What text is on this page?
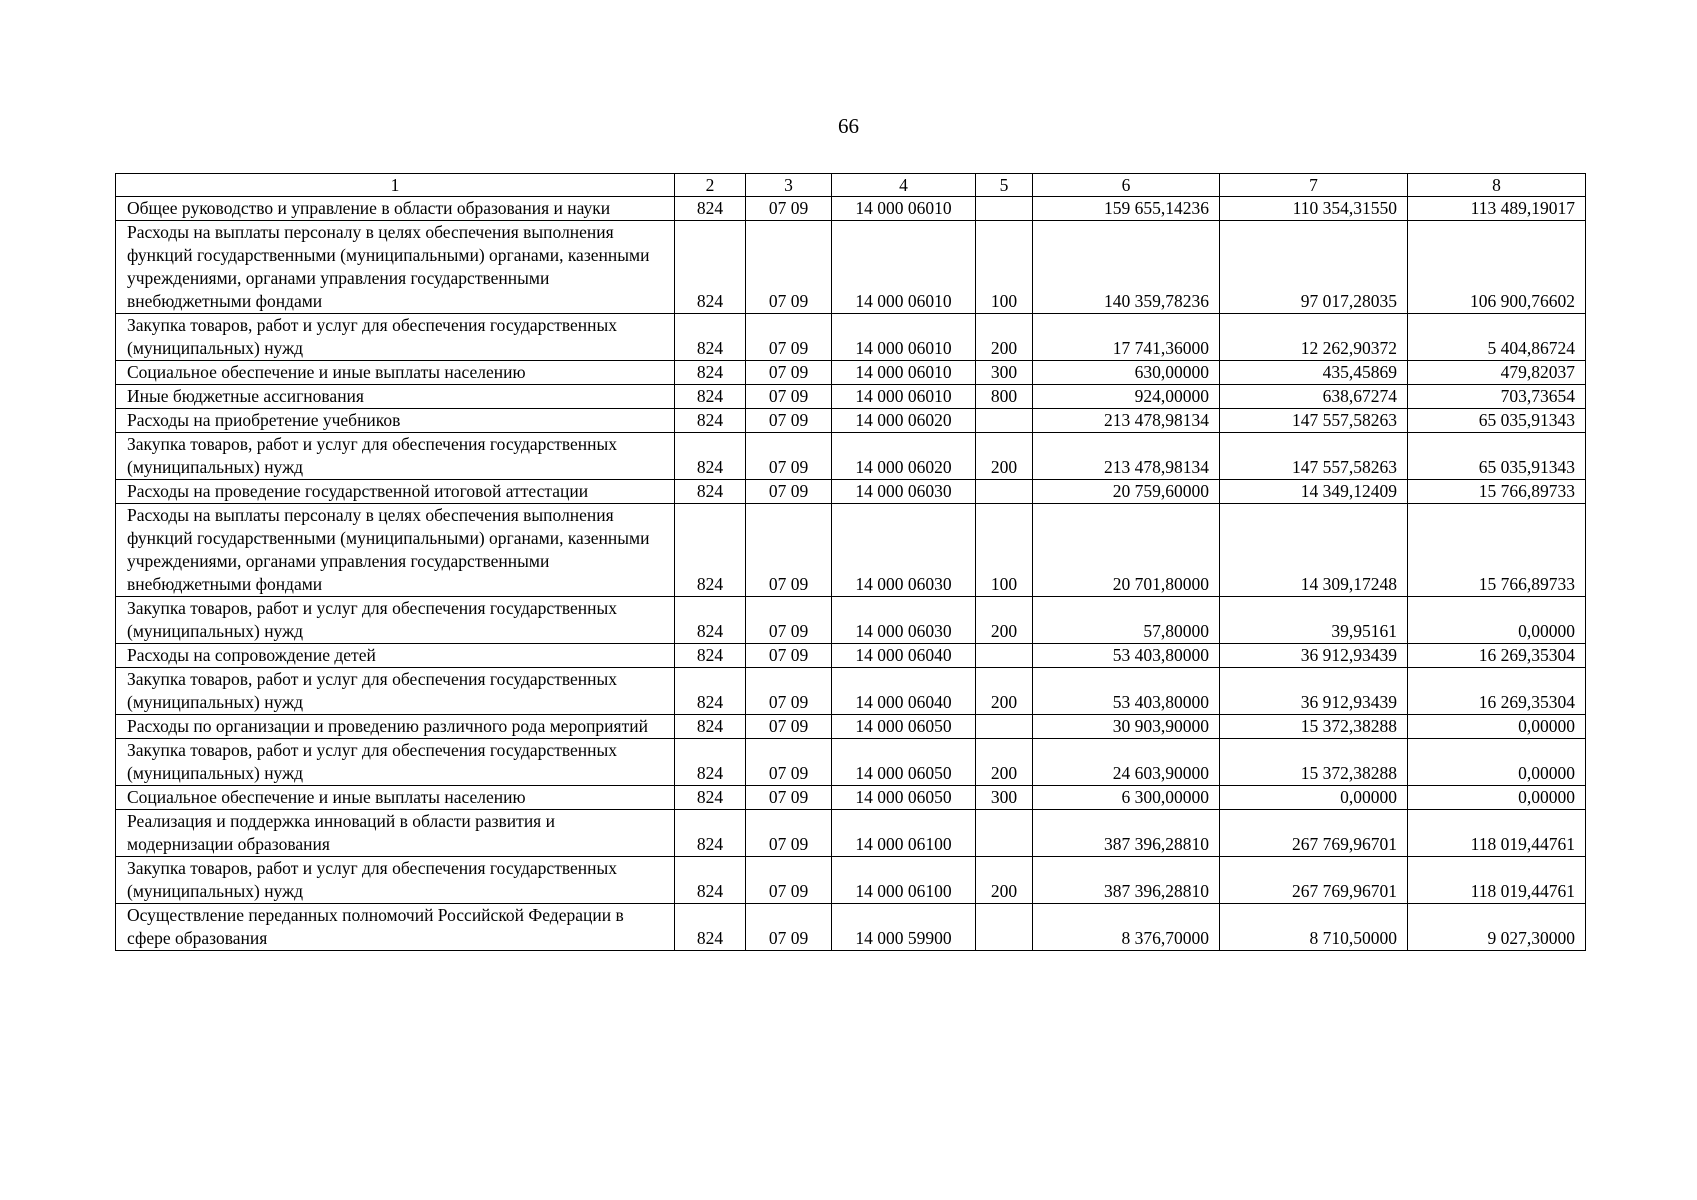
66
1	2	3	4	5	6	7	8
Общее руководство и управление в области образования и науки	824	07 09	14 000 06010		159 655,14236	110 354,31550	113 489,19017
Расходы на выплаты персоналу в целях обеспечения выполнения функций государственными (муниципальными) органами, казенными учреждениями, органами управления государственными внебюджетными фондами	824	07 09	14 000 06010	100	140 359,78236	97 017,28035	106 900,76602
Закупка товаров, работ и услуг для обеспечения государственных (муниципальных) нужд	824	07 09	14 000 06010	200	17 741,36000	12 262,90372	5 404,86724
Социальное обеспечение и иные выплаты населению	824	07 09	14 000 06010	300	630,00000	435,45869	479,82037
Иные бюджетные ассигнования	824	07 09	14 000 06010	800	924,00000	638,67274	703,73654
Расходы на приобретение учебников	824	07 09	14 000 06020		213 478,98134	147 557,58263	65 035,91343
Закупка товаров, работ и услуг для обеспечения государственных (муниципальных) нужд	824	07 09	14 000 06020	200	213 478,98134	147 557,58263	65 035,91343
Расходы на проведение государственной итоговой аттестации	824	07 09	14 000 06030		20 759,60000	14 349,12409	15 766,89733
Расходы на выплаты персоналу в целях обеспечения выполнения функций государственными (муниципальными) органами, казенными учреждениями, органами управления государственными внебюджетными фондами	824	07 09	14 000 06030	100	20 701,80000	14 309,17248	15 766,89733
Закупка товаров, работ и услуг для обеспечения государственных (муниципальных) нужд	824	07 09	14 000 06030	200	57,80000	39,95161	0,00000
Расходы на сопровождение детей	824	07 09	14 000 06040		53 403,80000	36 912,93439	16 269,35304
Закупка товаров, работ и услуг для обеспечения государственных (муниципальных) нужд	824	07 09	14 000 06040	200	53 403,80000	36 912,93439	16 269,35304
Расходы по организации и проведению различного рода мероприятий	824	07 09	14 000 06050		30 903,90000	15 372,38288	0,00000
Закупка товаров, работ и услуг для обеспечения государственных (муниципальных) нужд	824	07 09	14 000 06050	200	24 603,90000	15 372,38288	0,00000
Социальное обеспечение и иные выплаты населению	824	07 09	14 000 06050	300	6 300,00000	0,00000	0,00000
Реализация и поддержка инноваций в области развития и модернизации образования	824	07 09	14 000 06100		387 396,28810	267 769,96701	118 019,44761
Закупка товаров, работ и услуг для обеспечения государственных (муниципальных) нужд	824	07 09	14 000 06100	200	387 396,28810	267 769,96701	118 019,44761
Осуществление переданных полномочий Российской Федерации в сфере образования	824	07 09	14 000 59900		8 376,70000	8 710,50000	9 027,30000
